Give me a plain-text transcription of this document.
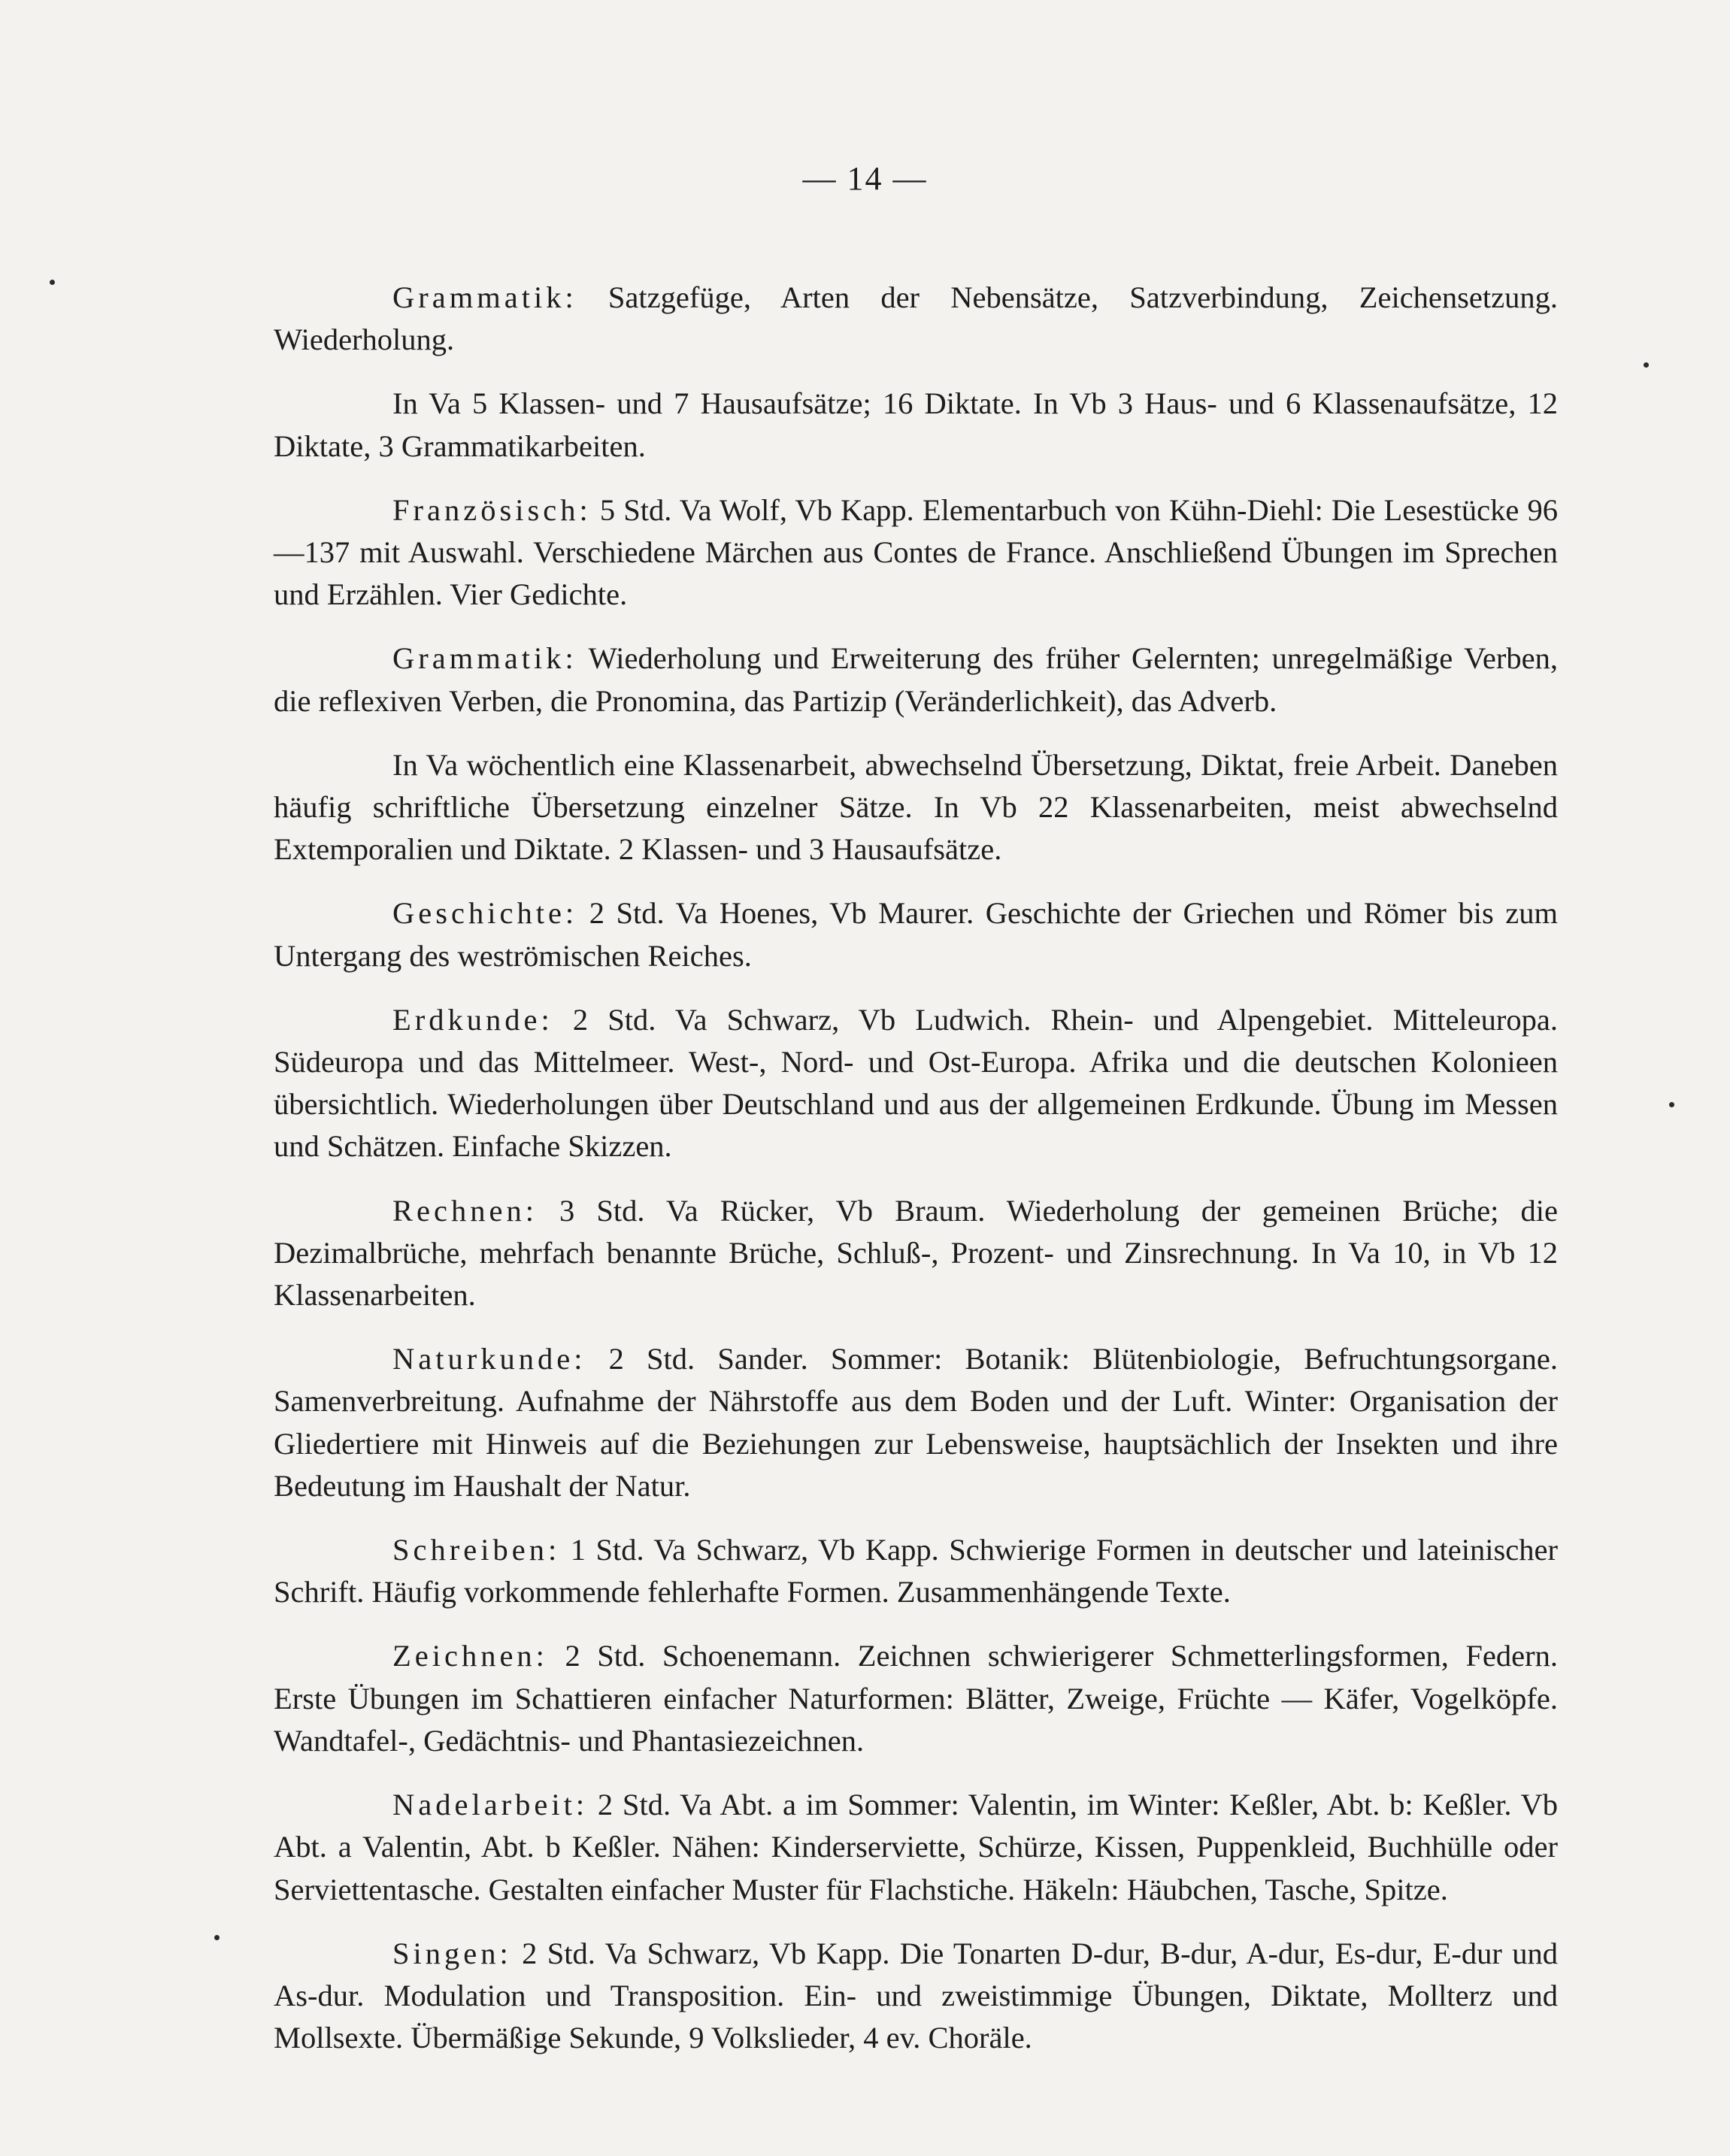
— 14 —

Grammatik: Satzgefüge, Arten der Nebensätze, Satzverbindung, Zeichensetzung. Wiederholung.

In Va 5 Klassen- und 7 Hausaufsätze; 16 Diktate. In Vb 3 Haus- und 6 Klassenaufsätze, 12 Diktate, 3 Grammatikarbeiten.

Französisch: 5 Std. Va Wolf, Vb Kapp. Elementarbuch von Kühn-Diehl: Die Lesestücke 96—137 mit Auswahl. Verschiedene Märchen aus Contes de France. Anschließend Übungen im Sprechen und Erzählen. Vier Gedichte.

Grammatik: Wiederholung und Erweiterung des früher Gelernten; unregelmäßige Verben, die reflexiven Verben, die Pronomina, das Partizip (Veränderlichkeit), das Adverb.

In Va wöchentlich eine Klassenarbeit, abwechselnd Übersetzung, Diktat, freie Arbeit. Daneben häufig schriftliche Übersetzung einzelner Sätze. In Vb 22 Klassenarbeiten, meist abwechselnd Extemporalien und Diktate. 2 Klassen- und 3 Hausaufsätze.

Geschichte: 2 Std. Va Hoenes, Vb Maurer. Geschichte der Griechen und Römer bis zum Untergang des weströmischen Reiches.

Erdkunde: 2 Std. Va Schwarz, Vb Ludwich. Rhein- und Alpengebiet. Mitteleuropa. Südeuropa und das Mittelmeer. West-, Nord- und Ost-Europa. Afrika und die deutschen Kolonieen übersichtlich. Wiederholungen über Deutschland und aus der allgemeinen Erdkunde. Übung im Messen und Schätzen. Einfache Skizzen.

Rechnen: 3 Std. Va Rücker, Vb Braum. Wiederholung der gemeinen Brüche; die Dezimalbrüche, mehrfach benannte Brüche, Schluß-, Prozent- und Zinsrechnung. In Va 10, in Vb 12 Klassenarbeiten.

Naturkunde: 2 Std. Sander. Sommer: Botanik: Blütenbiologie, Befruchtungsorgane. Samenverbreitung. Aufnahme der Nährstoffe aus dem Boden und der Luft. Winter: Organisation der Gliedertiere mit Hinweis auf die Beziehungen zur Lebensweise, hauptsächlich der Insekten und ihre Bedeutung im Haushalt der Natur.

Schreiben: 1 Std. Va Schwarz, Vb Kapp. Schwierige Formen in deutscher und lateinischer Schrift. Häufig vorkommende fehlerhafte Formen. Zusammenhängende Texte.

Zeichnen: 2 Std. Schoenemann. Zeichnen schwierigerer Schmetterlingsformen, Federn. Erste Übungen im Schattieren einfacher Naturformen: Blätter, Zweige, Früchte — Käfer, Vogelköpfe. Wandtafel-, Gedächtnis- und Phantasiezeichnen.

Nadelarbeit: 2 Std. Va Abt. a im Sommer: Valentin, im Winter: Keßler, Abt. b: Keßler. Vb Abt. a Valentin, Abt. b Keßler. Nähen: Kinderserviette, Schürze, Kissen, Puppenkleid, Buchhülle oder Serviettentasche. Gestalten einfacher Muster für Flachstiche. Häkeln: Häubchen, Tasche, Spitze.

Singen: 2 Std. Va Schwarz, Vb Kapp. Die Tonarten D-dur, B-dur, A-dur, Es-dur, E-dur und As-dur. Modulation und Transposition. Ein- und zweistimmige Übungen, Diktate, Mollterz und Mollsexte. Übermäßige Sekunde, 9 Volkslieder, 4 ev. Choräle.
